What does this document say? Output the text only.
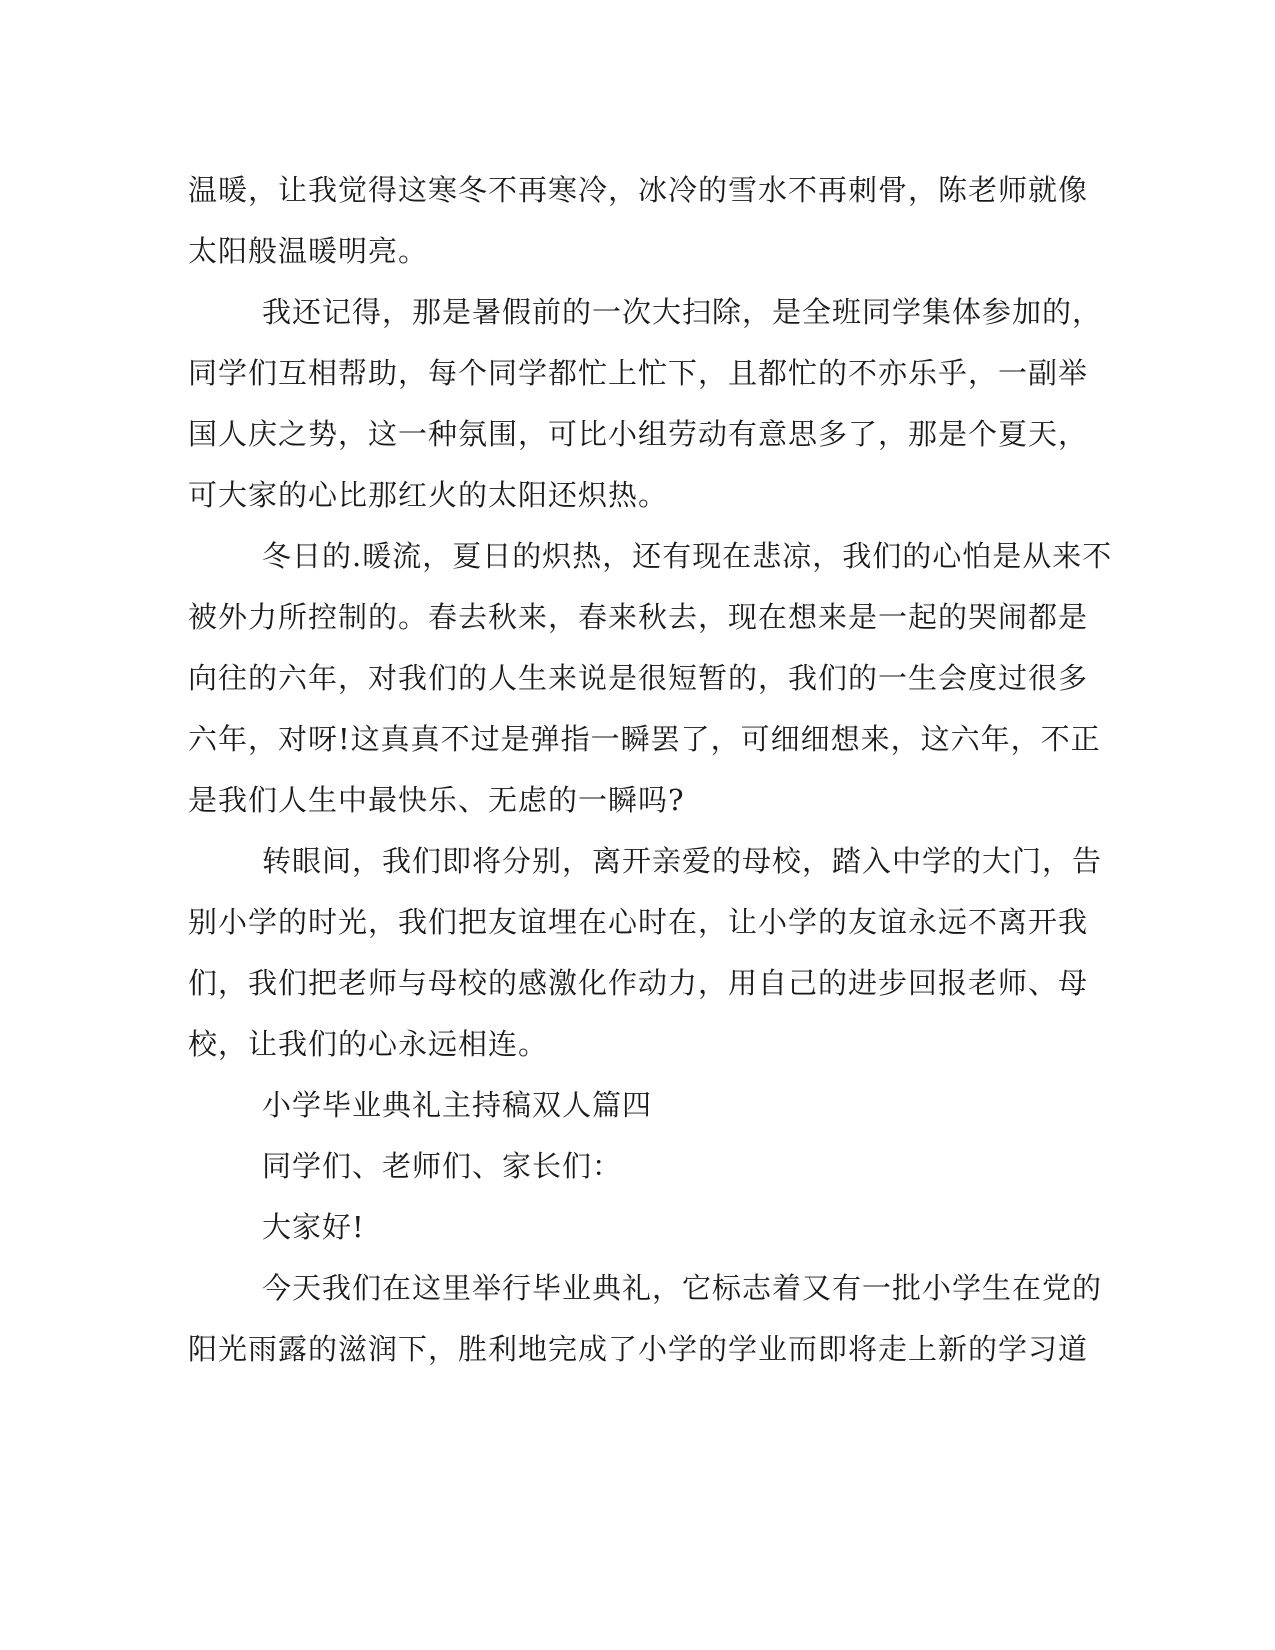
温暖，让我觉得这寒冬不再寒冷，冰冷的雪水不再刺骨，陈老师就像
太阳般温暖明亮。

我还记得，那是暑假前的一次大扫除，是全班同学集体参加的，
同学们互相帮助，每个同学都忙上忙下，且都忙的不亦乐乎，一副举
国人庆之势，这一种氛围，可比小组劳动有意思多了，那是个夏天，
可大家的心比那红火的太阳还炽热。

冬日的.暖流，夏日的炽热，还有现在悲凉，我们的心怕是从来不
被外力所控制的。春去秋来，春来秋去，现在想来是一起的哭闹都是
向往的六年，对我们的人生来说是很短暂的，我们的一生会度过很多
六年，对呀!这真真不过是弹指一瞬罢了，可细细想来，这六年，不正
是我们人生中最快乐、无虑的一瞬吗?

转眼间，我们即将分别，离开亲爱的母校，踏入中学的大门，告
别小学的时光，我们把友谊埋在心时在，让小学的友谊永远不离开我
们，我们把老师与母校的感激化作动力，用自己的进步回报老师、母
校，让我们的心永远相连。

小学毕业典礼主持稿双人篇四

同学们、老师们、家长们：

大家好!

今天我们在这里举行毕业典礼，它标志着又有一批小学生在党的
阳光雨露的滋润下，胜利地完成了小学的学业而即将走上新的学习道
